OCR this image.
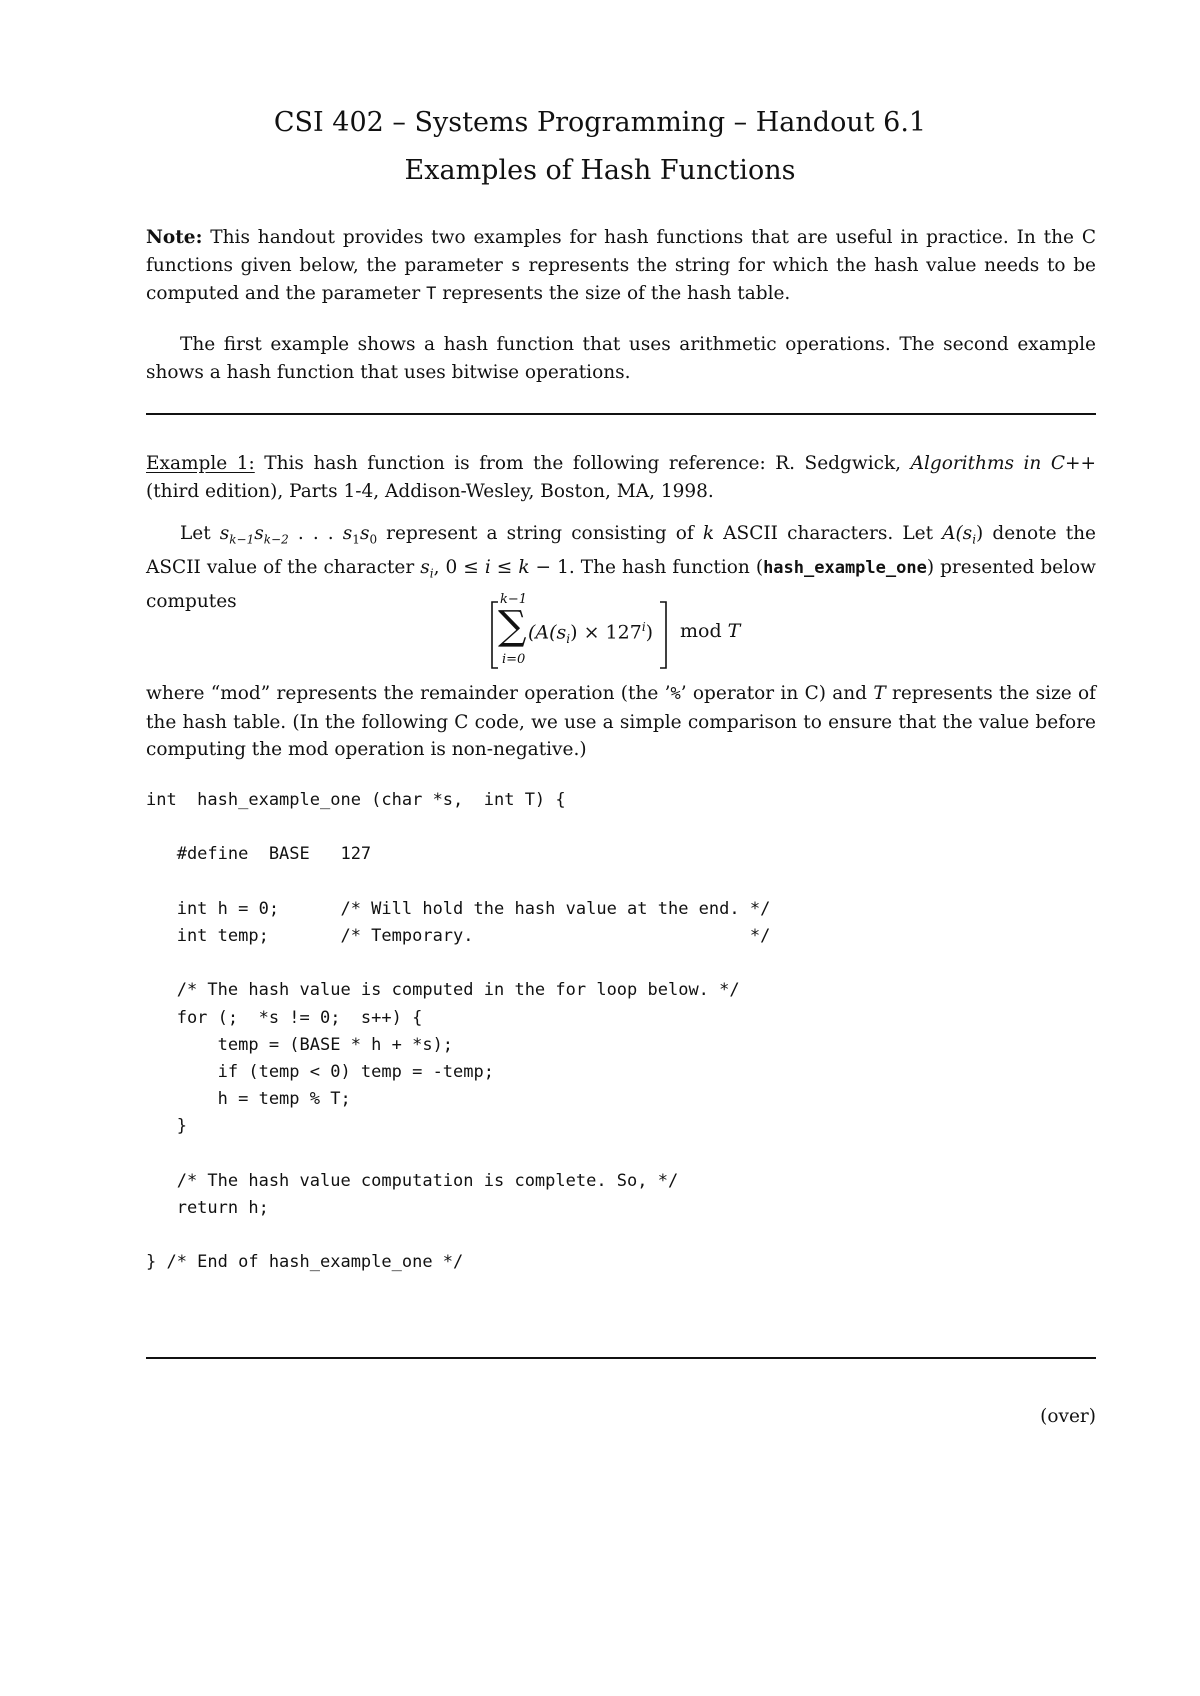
CSI 402 – Systems Programming – Handout 6.1
Examples of Hash Functions
Note: This handout provides two examples for hash functions that are useful in practice. In the C functions given below, the parameter s represents the string for which the hash value needs to be computed and the parameter T represents the size of the hash table.
The first example shows a hash function that uses arithmetic operations. The second example shows a hash function that uses bitwise operations.
Example 1: This hash function is from the following reference: R. Sedgwick, Algorithms in C++ (third edition), Parts 1-4, Addison-Wesley, Boston, MA, 1998.
Let $s_{k-1}s_{k-2}$ . . . $s_1s_0$ represent a string consisting of k ASCII characters. Let $A(s_i)$ denote the ASCII value of the character $s_i$, 0 ≤ i ≤ k − 1. The hash function (hash_example_one) presented below computes	k−1
∑
i=0
$(A(s_i) \times 127^i)$ mod T
where “mod” represents the remainder operation (the ’%’ operator in C) and T represents the size of the hash table. (In the following C code, we use a simple comparison to ensure that the value before computing the mod operation is non-negative.)
int  hash_example_one (char *s,  int T) {

#define  BASE   127

int h = 0;      /* Will hold the hash value at the end. */
int temp;       /* Temporary.                           */

/* The hash value is computed in the for loop below. */
for (;  *s != 0;  s++) {
temp = (BASE * h + *s);
if (temp < 0) temp = -temp;
h = temp % T;
}

/* The hash value computation is complete. So, */
return h;

} /* End of hash_example_one */
(over)
